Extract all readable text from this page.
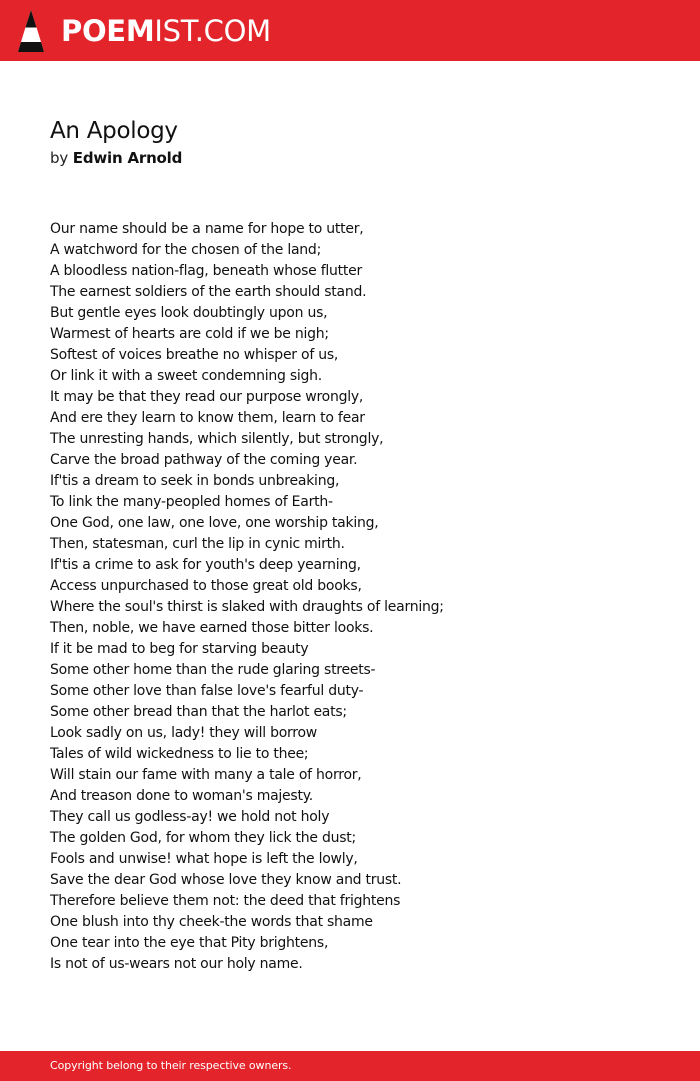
POEMIST.COM
An Apology
by Edwin Arnold
Our name should be a name for hope to utter,
A watchword for the chosen of the land;
A bloodless nation-flag, beneath whose flutter
The earnest soldiers of the earth should stand.
But gentle eyes look doubtingly upon us,
Warmest of hearts are cold if we be nigh;
Softest of voices breathe no whisper of us,
Or link it with a sweet condemning sigh.
It may be that they read our purpose wrongly,
And ere they learn to know them, learn to fear
The unresting hands, which silently, but strongly,
Carve the broad pathway of the coming year.
If'tis a dream to seek in bonds unbreaking,
To link the many-peopled homes of Earth-
One God, one law, one love, one worship taking,
Then, statesman, curl the lip in cynic mirth.
If'tis a crime to ask for youth's deep yearning,
Access unpurchased to those great old books,
Where the soul's thirst is slaked with draughts of learning;
Then, noble, we have earned those bitter looks.
If it be mad to beg for starving beauty
Some other home than the rude glaring streets-
Some other love than false love's fearful duty-
Some other bread than that the harlot eats;
Look sadly on us, lady! they will borrow
Tales of wild wickedness to lie to thee;
Will stain our fame with many a tale of horror,
And treason done to woman's majesty.
They call us godless-ay! we hold not holy
The golden God, for whom they lick the dust;
Fools and unwise! what hope is left the lowly,
Save the dear God whose love they know and trust.
Therefore believe them not: the deed that frightens
One blush into thy cheek-the words that shame
One tear into the eye that Pity brightens,
Is not of us-wears not our holy name.
Copyright belong to their respective owners.
